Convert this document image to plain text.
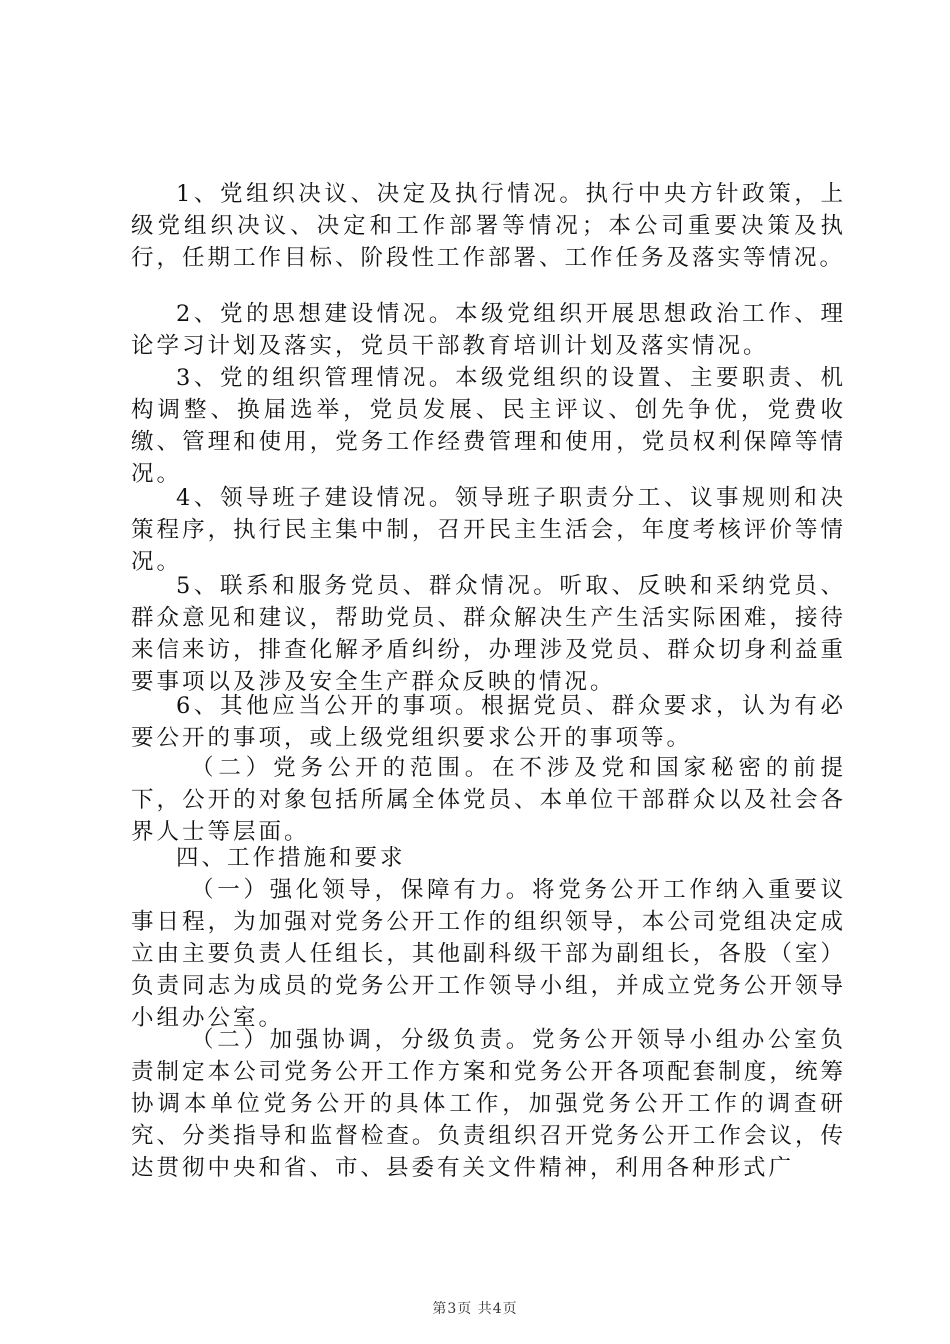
1、党组织决议、决定及执行情况。执行中央方针政策，上级党组织决议、决定和工作部署等情况；本公司重要决策及执行，任期工作目标、阶段性工作部署、工作任务及落实等情况。

2、党的思想建设情况。本级党组织开展思想政治工作、理论学习计划及落实，党员干部教育培训计划及落实情况。

3、党的组织管理情况。本级党组织的设置、主要职责、机构调整、换届选举，党员发展、民主评议、创先争优，党费收缴、管理和使用，党务工作经费管理和使用，党员权利保障等情况。

4、领导班子建设情况。领导班子职责分工、议事规则和决策程序，执行民主集中制，召开民主生活会，年度考核评价等情况。

5、联系和服务党员、群众情况。听取、反映和采纳党员、群众意见和建议，帮助党员、群众解决生产生活实际困难，接待来信来访，排查化解矛盾纠纷，办理涉及党员、群众切身利益重要事项以及涉及安全生产群众反映的情况。

6、其他应当公开的事项。根据党员、群众要求，认为有必要公开的事项，或上级党组织要求公开的事项等。

（二）党务公开的范围。在不涉及党和国家秘密的前提下，公开的对象包括所属全体党员、本单位干部群众以及社会各界人士等层面。

四、工作措施和要求

（一）强化领导，保障有力。将党务公开工作纳入重要议事日程，为加强对党务公开工作的组织领导，本公司党组决定成立由主要负责人任组长，其他副科级干部为副组长，各股（室）负责同志为成员的党务公开工作领导小组，并成立党务公开领导小组办公室。

（二）加强协调，分级负责。党务公开领导小组办公室负责制定本公司党务公开工作方案和党务公开各项配套制度，统筹协调本单位党务公开的具体工作，加强党务公开工作的调查研究、分类指导和监督检查。负责组织召开党务公开工作会议，传达贯彻中央和省、市、县委有关文件精神，利用各种形式广

第3页 共4页
